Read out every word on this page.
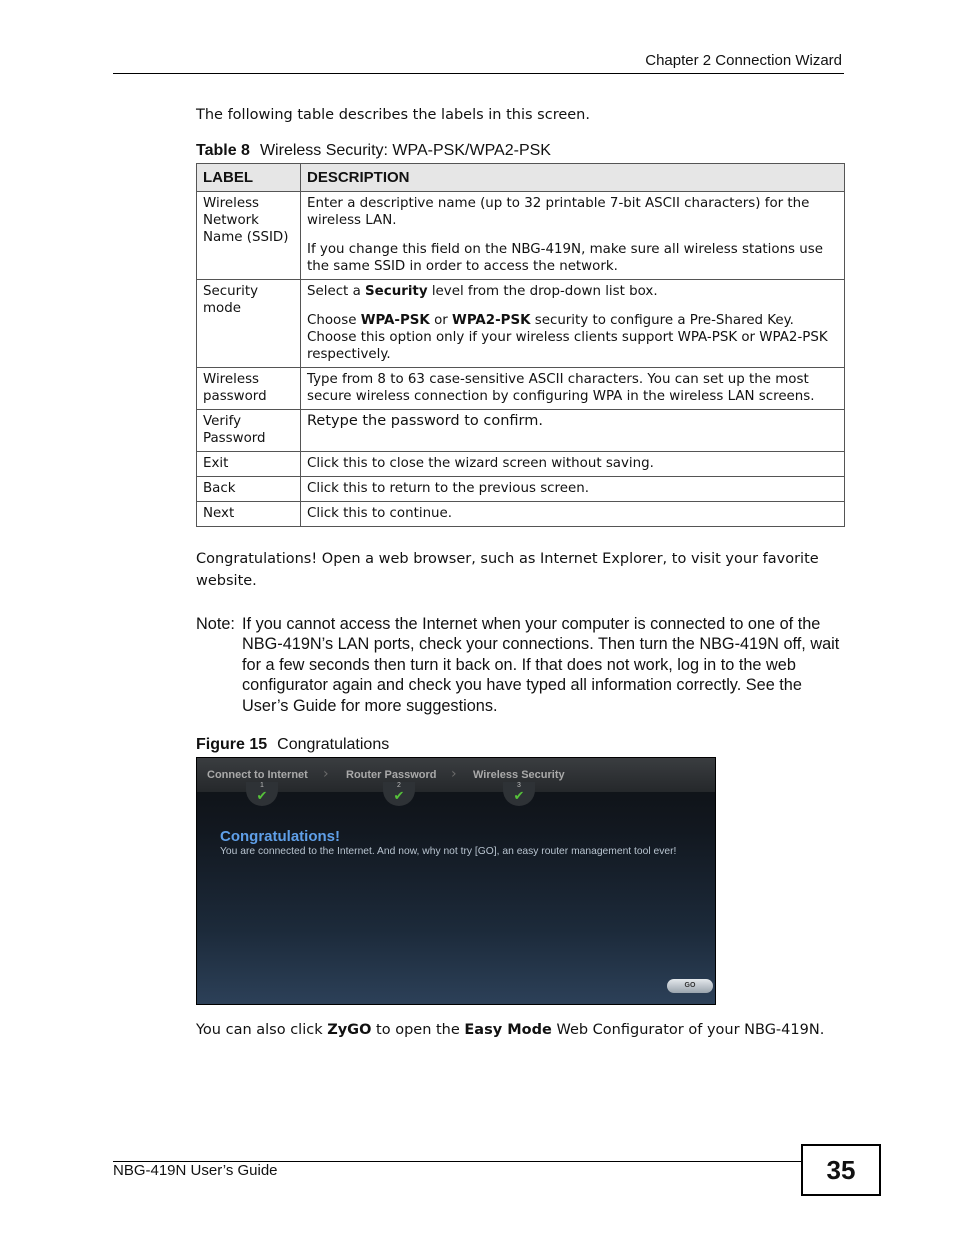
Chapter 2 Connection Wizard
The following table describes the labels in this screen.
Table 8 Wireless Security: WPA-PSK/WPA2-PSK
LABEL	DESCRIPTION
Wireless Network Name (SSID)	Enter a descriptive name (up to 32 printable 7-bit ASCII characters) for the wireless LAN.

If you change this field on the NBG-419N, make sure all wireless stations use the same SSID in order to access the network.

Security mode	Select a Security level from the drop-down list box.

Choose WPA-PSK or WPA2-PSK security to configure a Pre-Shared Key. Choose this option only if your wireless clients support WPA-PSK or WPA2-PSK respectively.

Wireless password	Type from 8 to 63 case-sensitive ASCII characters. You can set up the most secure wireless connection by configuring WPA in the wireless LAN screens.
Verify Password	Retype the password to confirm.
Exit	Click this to close the wizard screen without saving.
Back	Click this to return to the previous screen.
Next	Click this to continue.
Congratulations! Open a web browser, such as Internet Explorer, to visit your favorite website.
Note: If you cannot access the Internet when your computer is connected to one of the NBG-419N’s LAN ports, check your connections. Then turn the NBG-419N off, wait for a few seconds then turn it back on. If that does not work, log in to the web configurator again and check you have typed all information correctly. See the User’s Guide for more suggestions.
Figure 15 Congratulations
Connect to Internet › Router Password › Wireless Security
1
✔
2
✔
3
✔
Congratulations!
You are connected to the Internet. And now, why not try [GO], an easy router management tool ever!
GO
You can also click ZyGO to open the Easy Mode Web Configurator of your NBG-419N.
NBG-419N User’s Guide	35
